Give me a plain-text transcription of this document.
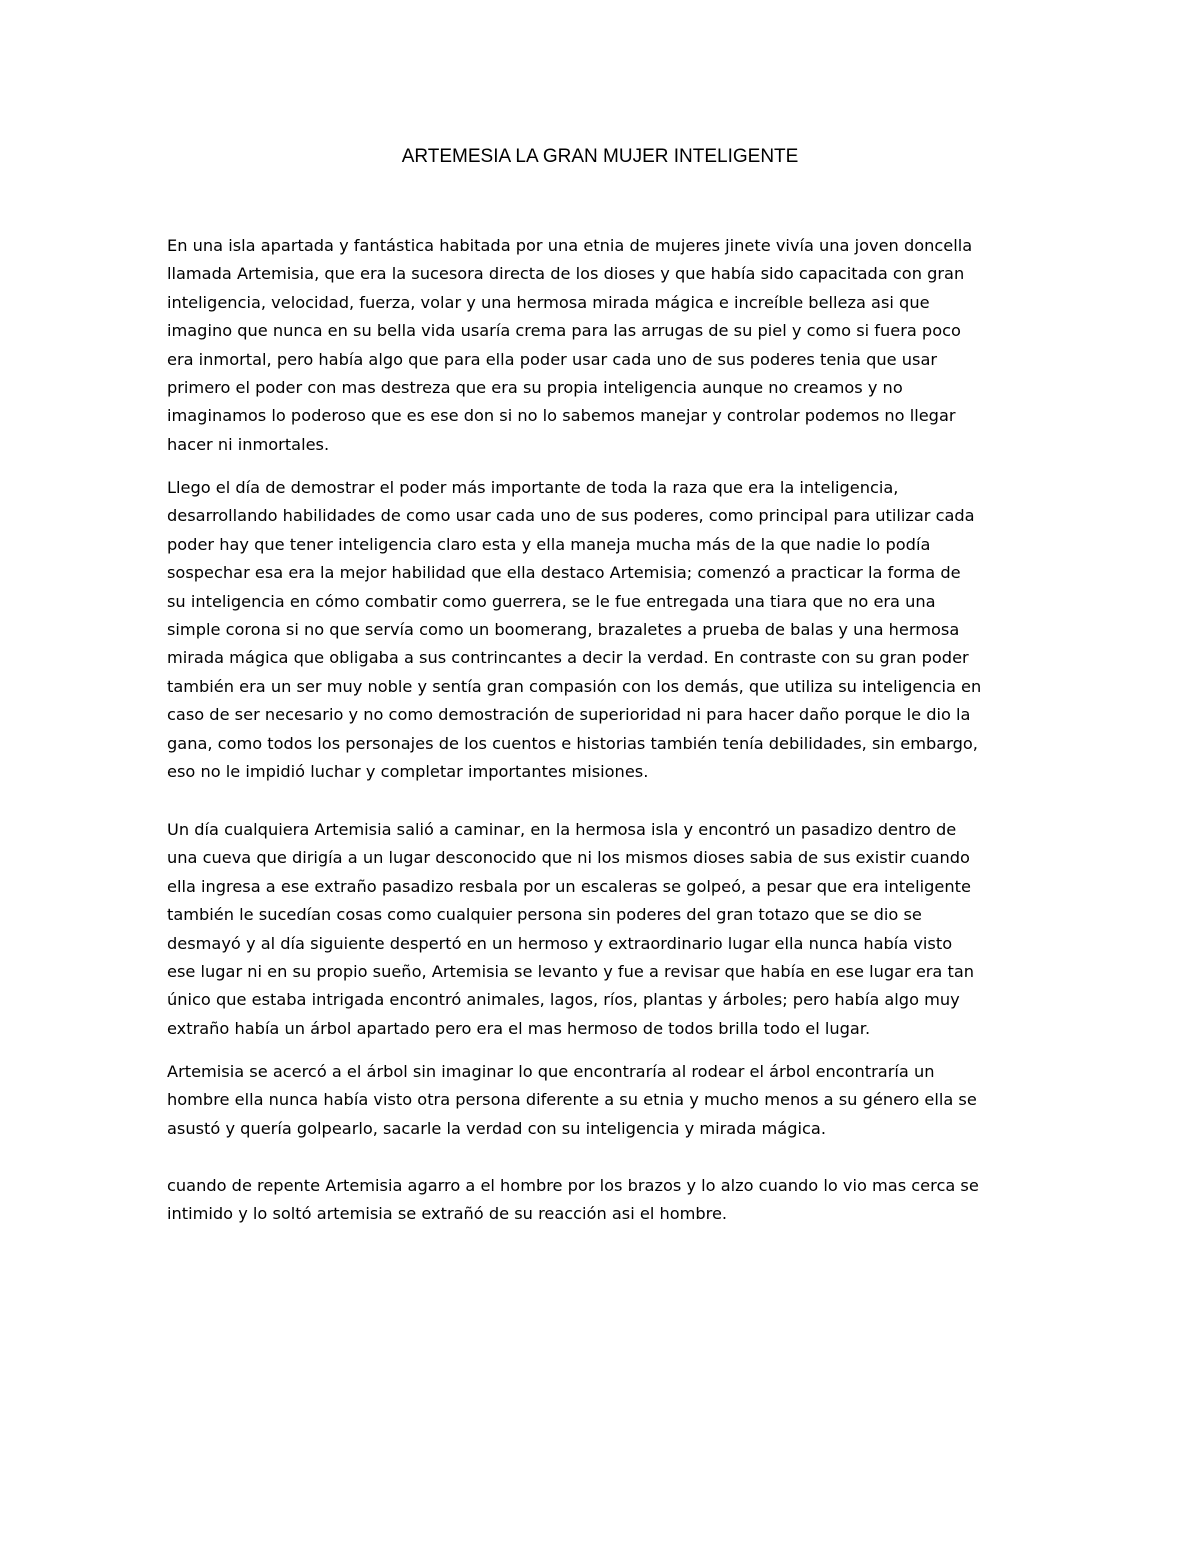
ARTEMESIA LA GRAN MUJER INTELIGENTE

En una isla apartada y fantástica habitada por una etnia de mujeres jinete vivía una joven doncella
llamada Artemisia, que era la sucesora directa de los dioses y que había sido capacitada con gran
inteligencia, velocidad, fuerza, volar y una hermosa mirada mágica e increíble belleza asi que
imagino que nunca en su bella vida usaría crema para las arrugas de su piel y como si fuera poco
era inmortal, pero había algo que para ella poder usar cada uno de sus poderes tenia que usar
primero el poder con mas destreza que era su propia inteligencia aunque no creamos y no
imaginamos lo poderoso que es ese don si no lo sabemos manejar y controlar podemos no llegar
hacer ni inmortales.

Llego el día de demostrar el poder más importante de toda la raza que era la inteligencia,
desarrollando habilidades de como usar cada uno de sus poderes, como principal para utilizar cada
poder hay que tener inteligencia claro esta y ella maneja mucha más de la que nadie lo podía
sospechar esa era la mejor habilidad que ella destaco Artemisia; comenzó a practicar la forma de
su inteligencia en cómo combatir como guerrera, se le fue entregada una tiara que no era una
simple corona si no que servía como un boomerang, brazaletes a prueba de balas y una hermosa
mirada mágica que obligaba a sus contrincantes a decir la verdad. En contraste con su gran poder
también era un ser muy noble y sentía gran compasión con los demás, que utiliza su inteligencia en
caso de ser necesario y no como demostración de superioridad ni para hacer daño porque le dio la
gana, como todos los personajes de los cuentos e historias también tenía debilidades, sin embargo,
eso no le impidió luchar y completar importantes misiones.

Un día cualquiera Artemisia salió a caminar, en la hermosa isla y encontró un pasadizo dentro de
una cueva que dirigía a un lugar desconocido que ni los mismos dioses sabia de sus existir cuando
ella ingresa a ese extraño pasadizo resbala por un escaleras se golpeó, a pesar que era inteligente
también le sucedían cosas como cualquier persona sin poderes del gran totazo que se dio se
desmayó y al día siguiente despertó en un hermoso y extraordinario lugar ella nunca había visto
ese lugar ni en su propio sueño, Artemisia se levanto y fue a revisar que había en ese lugar era tan
único que estaba intrigada encontró animales, lagos, ríos, plantas y árboles; pero había algo muy
extraño había un árbol apartado pero era el mas hermoso de todos brilla todo el lugar.

Artemisia se acercó a el árbol sin imaginar lo que encontraría al rodear el árbol encontraría un
hombre ella nunca había visto otra persona diferente a su etnia y mucho menos a su género ella se
asustó y quería golpearlo, sacarle la verdad con su inteligencia y mirada mágica.

cuando de repente Artemisia agarro a el hombre por los brazos y lo alzo cuando lo vio mas cerca se
intimido y lo soltó artemisia se extrañó de su reacción asi el hombre.
